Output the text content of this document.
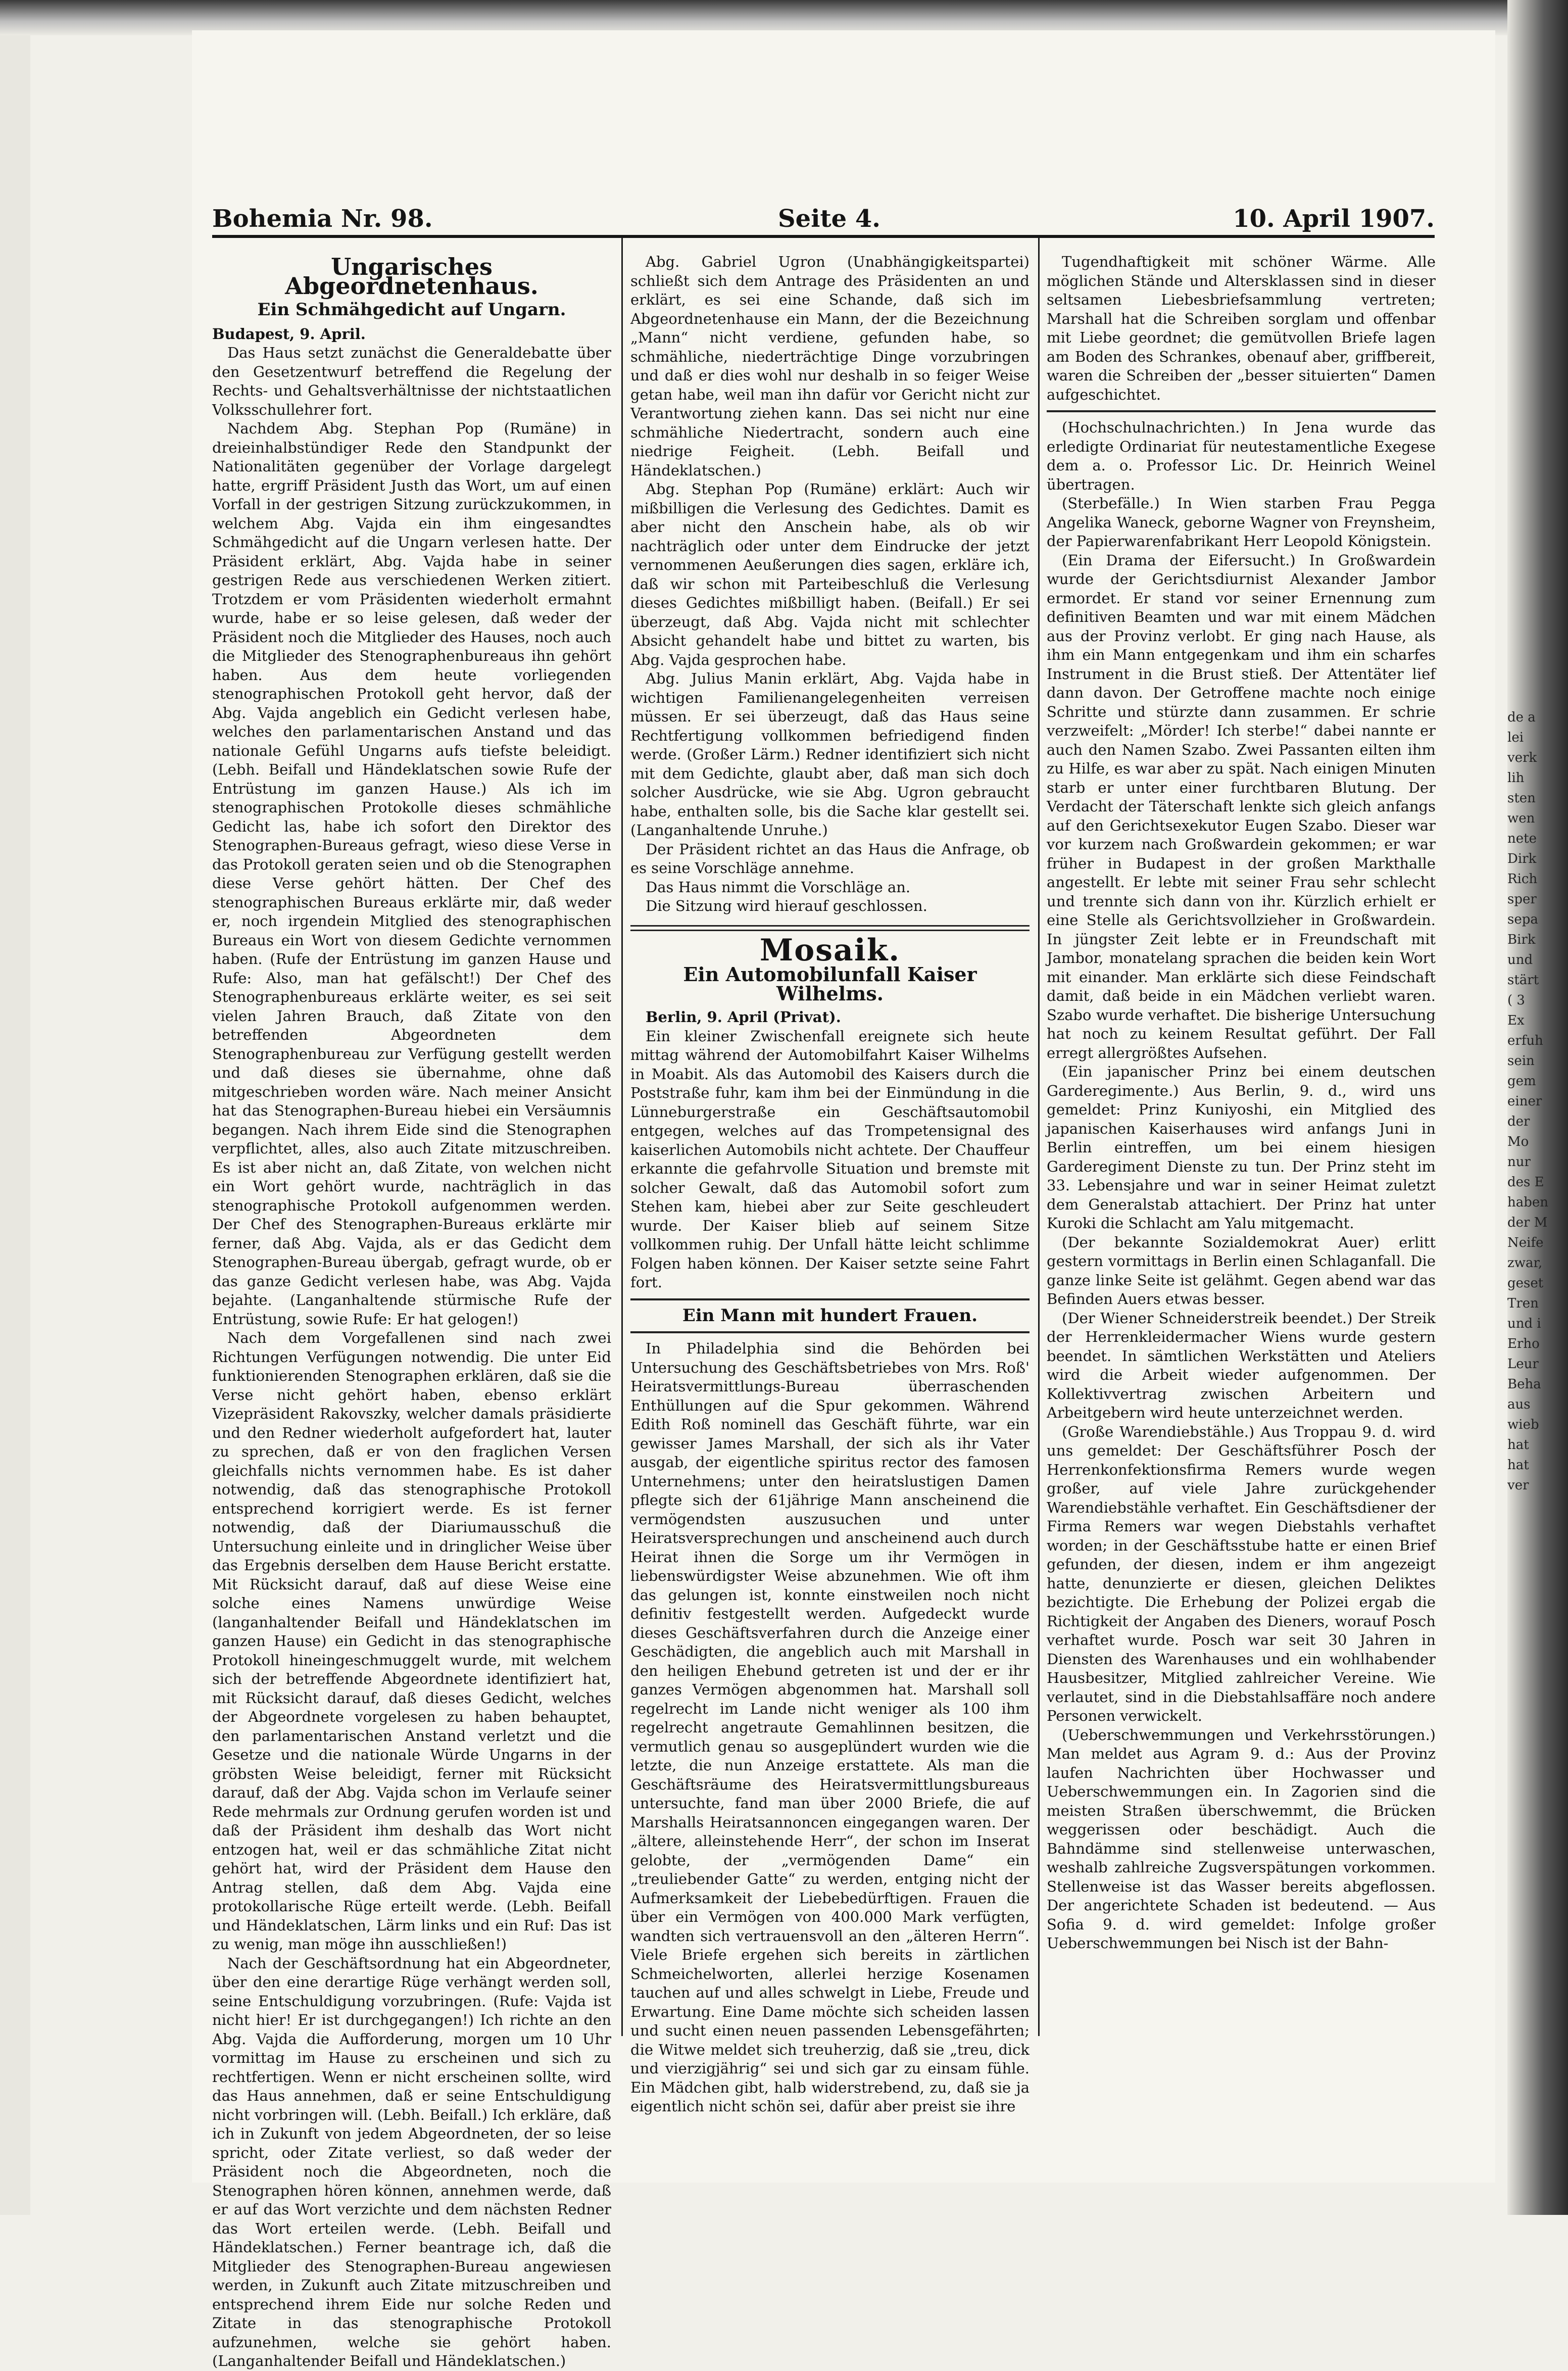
Bohemia Nr. 98.	Seite 4.	10. April 1907.
Ungarisches Abgeordnetenhaus.
Ein Schmähgedicht auf Ungarn.

Budapest, 9. April.

Das Haus setzt zunächst die Generaldebatte über den Gesetzentwurf betreffend die Regelung der Rechts- und Gehaltsverhältnisse der nichtstaatlichen Volksschullehrer fort.

Nachdem Abg. Stephan Pop (Rumäne) in dreieinhalbstündiger Rede den Standpunkt der Nationalitäten gegenüber der Vorlage dargelegt hatte, ergriff Präsident Justh das Wort, um auf einen Vorfall in der gestrigen Sitzung zurückzukommen, in welchem Abg. Vajda ein ihm eingesandtes Schmähgedicht auf die Ungarn verlesen hatte. Der Präsident erklärt, Abg. Vajda habe in seiner gestrigen Rede aus verschiedenen Werken zitiert. Trotzdem er vom Präsidenten wiederholt ermahnt wurde, habe er so leise gelesen, daß weder der Präsident noch die Mitglieder des Hauses, noch auch die Mitglieder des Stenographenbureaus ihn gehört haben. Aus dem heute vorliegenden stenographischen Protokoll geht hervor, daß der Abg. Vajda angeblich ein Gedicht verlesen habe, welches den parlamentarischen Anstand und das nationale Gefühl Ungarns aufs tiefste beleidigt. (Lebh. Beifall und Händeklatschen sowie Rufe der Entrüstung im ganzen Hause.) Als ich im stenographischen Protokolle dieses schmähliche Gedicht las, habe ich sofort den Direktor des Stenographen-Bureaus gefragt, wieso diese Verse in das Protokoll geraten seien und ob die Stenographen diese Verse gehört hätten. Der Chef des stenographischen Bureaus erklärte mir, daß weder er, noch irgendein Mitglied des stenographischen Bureaus ein Wort von diesem Gedichte vernommen haben. (Rufe der Entrüstung im ganzen Hause und Rufe: Also, man hat gefälscht!) Der Chef des Stenographenbureaus erklärte weiter, es sei seit vielen Jahren Brauch, daß Zitate von den betreffenden Abgeordneten dem Stenographenbureau zur Verfügung gestellt werden und daß dieses sie übernahme, ohne daß mitgeschrieben worden wäre. Nach meiner Ansicht hat das Stenographen-Bureau hiebei ein Versäumnis begangen. Nach ihrem Eide sind die Stenographen verpflichtet, alles, also auch Zitate mitzuschreiben. Es ist aber nicht an, daß Zitate, von welchen nicht ein Wort gehört wurde, nachträglich in das stenographische Protokoll aufgenommen werden. Der Chef des Stenographen-Bureaus erklärte mir ferner, daß Abg. Vajda, als er das Gedicht dem Stenographen-Bureau übergab, gefragt wurde, ob er das ganze Gedicht verlesen habe, was Abg. Vajda bejahte. (Langanhaltende stürmische Rufe der Entrüstung, sowie Rufe: Er hat gelogen!)

Nach dem Vorgefallenen sind nach zwei Richtungen Verfügungen notwendig. Die unter Eid funktionierenden Stenographen erklären, daß sie die Verse nicht gehört haben, ebenso erklärt Vizepräsident Rakovszky, welcher damals präsidierte und den Redner wiederholt aufgefordert hat, lauter zu sprechen, daß er von den fraglichen Versen gleichfalls nichts vernommen habe. Es ist daher notwendig, daß das stenographische Protokoll entsprechend korrigiert werde. Es ist ferner notwendig, daß der Diariumausschuß die Untersuchung einleite und in dringlicher Weise über das Ergebnis derselben dem Hause Bericht erstatte. Mit Rücksicht darauf, daß auf diese Weise eine solche eines Namens unwürdige Weise (langanhaltender Beifall und Händeklatschen im ganzen Hause) ein Gedicht in das stenographische Protokoll hineingeschmuggelt wurde, mit welchem sich der betreffende Abgeordnete identifiziert hat, mit Rücksicht darauf, daß dieses Gedicht, welches der Abgeordnete vorgelesen zu haben behauptet, den parlamentarischen Anstand verletzt und die Gesetze und die nationale Würde Ungarns in der gröbsten Weise beleidigt, ferner mit Rücksicht darauf, daß der Abg. Vajda schon im Verlaufe seiner Rede mehrmals zur Ordnung gerufen worden ist und daß der Präsident ihm deshalb das Wort nicht entzogen hat, weil er das schmähliche Zitat nicht gehört hat, wird der Präsident dem Hause den Antrag stellen, daß dem Abg. Vajda eine protokollarische Rüge erteilt werde. (Lebh. Beifall und Händeklatschen, Lärm links und ein Ruf: Das ist zu wenig, man möge ihn ausschließen!)

Nach der Geschäftsordnung hat ein Abgeordneter, über den eine derartige Rüge verhängt werden soll, seine Entschuldigung vorzubringen. (Rufe: Vajda ist nicht hier! Er ist durchgegangen!) Ich richte an den Abg. Vajda die Aufforderung, morgen um 10 Uhr vormittag im Hause zu erscheinen und sich zu rechtfertigen. Wenn er nicht erscheinen sollte, wird das Haus annehmen, daß er seine Entschuldigung nicht vorbringen will. (Lebh. Beifall.) Ich erkläre, daß ich in Zukunft von jedem Abgeordneten, der so leise spricht, oder Zitate verliest, so daß weder der Präsident noch die Abgeordneten, noch die Stenographen hören können, annehmen werde, daß er auf das Wort verzichte und dem nächsten Redner das Wort erteilen werde. (Lebh. Beifall und Händeklatschen.) Ferner beantrage ich, daß die Mitglieder des Stenographen-Bureau angewiesen werden, in Zukunft auch Zitate mitzuschreiben und entsprechend ihrem Eide nur solche Reden und Zitate in das stenographische Protokoll aufzunehmen, welche sie gehört haben. (Langanhaltender Beifall und Händeklatschen.)

Abg. Gabriel Ugron (Unabhängigkeitspartei) schließt sich dem Antrage des Präsidenten an und erklärt, es sei eine Schande, daß sich im Abgeordnetenhause ein Mann, der die Bezeichnung „Mann“ nicht verdiene, gefunden habe, so schmähliche, niederträchtige Dinge vorzubringen und daß er dies wohl nur deshalb in so feiger Weise getan habe, weil man ihn dafür vor Gericht nicht zur Verantwortung ziehen kann. Das sei nicht nur eine schmähliche Niedertracht, sondern auch eine niedrige Feigheit. (Lebh. Beifall und Händeklatschen.)

Abg. Stephan Pop (Rumäne) erklärt: Auch wir mißbilligen die Verlesung des Gedichtes. Damit es aber nicht den Anschein habe, als ob wir nachträglich oder unter dem Eindrucke der jetzt vernommenen Aeußerungen dies sagen, erkläre ich, daß wir schon mit Parteibeschluß die Verlesung dieses Gedichtes mißbilligt haben. (Beifall.) Er sei überzeugt, daß Abg. Vajda nicht mit schlechter Absicht gehandelt habe und bittet zu warten, bis Abg. Vajda gesprochen habe.

Abg. Julius Manin erklärt, Abg. Vajda habe in wichtigen Familienangelegenheiten verreisen müssen. Er sei überzeugt, daß das Haus seine Rechtfertigung vollkommen befriedigend finden werde. (Großer Lärm.) Redner identifiziert sich nicht mit dem Gedichte, glaubt aber, daß man sich doch solcher Ausdrücke, wie sie Abg. Ugron gebraucht habe, enthalten solle, bis die Sache klar gestellt sei. (Langanhaltende Unruhe.)

Der Präsident richtet an das Haus die Anfrage, ob es seine Vorschläge annehme.

Das Haus nimmt die Vorschläge an.

Die Sitzung wird hierauf geschlossen.

Mosaik.
Ein Automobilunfall Kaiser Wilhelms.

Berlin, 9. April (Privat).

Ein kleiner Zwischenfall ereignete sich heute mittag während der Automobilfahrt Kaiser Wilhelms in Moabit. Als das Automobil des Kaisers durch die Poststraße fuhr, kam ihm bei der Einmündung in die Lünneburgerstraße ein Geschäftsautomobil entgegen, welches auf das Trompetensignal des kaiserlichen Automobils nicht achtete. Der Chauffeur erkannte die gefahrvolle Situation und bremste mit solcher Gewalt, daß das Automobil sofort zum Stehen kam, hiebei aber zur Seite geschleudert wurde. Der Kaiser blieb auf seinem Sitze vollkommen ruhig. Der Unfall hätte leicht schlimme Folgen haben können. Der Kaiser setzte seine Fahrt fort.

Ein Mann mit hundert Frauen.

In Philadelphia sind die Behörden bei Untersuchung des Geschäftsbetriebes von Mrs. Roß' Heiratsvermittlungs-Bureau überraschenden Enthüllungen auf die Spur gekommen. Während Edith Roß nominell das Geschäft führte, war ein gewisser James Marshall, der sich als ihr Vater ausgab, der eigentliche spiritus rector des famosen Unternehmens; unter den heiratslustigen Damen pflegte sich der 61jährige Mann anscheinend die vermögendsten auszusuchen und unter Heiratsversprechungen und anscheinend auch durch Heirat ihnen die Sorge um ihr Vermögen in liebenswürdigster Weise abzunehmen. Wie oft ihm das gelungen ist, konnte einstweilen noch nicht definitiv festgestellt werden. Aufgedeckt wurde dieses Geschäftsverfahren durch die Anzeige einer Geschädigten, die angeblich auch mit Marshall in den heiligen Ehebund getreten ist und der er ihr ganzes Vermögen abgenommen hat. Marshall soll regelrecht im Lande nicht weniger als 100 ihm regelrecht angetraute Gemahlinnen besitzen, die vermutlich genau so ausgeplündert wurden wie die letzte, die nun Anzeige erstattete. Als man die Geschäftsräume des Heiratsvermittlungsbureaus untersuchte, fand man über 2000 Briefe, die auf Marshalls Heiratsannoncen eingegangen waren. Der „ältere, alleinstehende Herr“, der schon im Inserat gelobte, der „vermögenden Dame“ ein „treuliebender Gatte“ zu werden, entging nicht der Aufmerksamkeit der Liebebedürftigen. Frauen die über ein Vermögen von 400.000 Mark verfügten, wandten sich vertrauensvoll an den „älteren Herrn“. Viele Briefe ergehen sich bereits in zärtlichen Schmeichelworten, allerlei herzige Kosenamen tauchen auf und alles schwelgt in Liebe, Freude und Erwartung. Eine Dame möchte sich scheiden lassen und sucht einen neuen passenden Lebensgefährten; die Witwe meldet sich treuherzig, daß sie „treu, dick und vierzigjährig“ sei und sich gar zu einsam fühle. Ein Mädchen gibt, halb widerstrebend, zu, daß sie ja eigentlich nicht schön sei, dafür aber preist sie ihre

Tugendhaftigkeit mit schöner Wärme. Alle möglichen Stände und Altersklassen sind in dieser seltsamen Liebesbriefsammlung vertreten; Marshall hat die Schreiben sorglam und offenbar mit Liebe geordnet; die gemütvollen Briefe lagen am Boden des Schrankes, obenauf aber, griffbereit, waren die Schreiben der „besser situierten“ Damen aufgeschichtet.

(Hochschulnachrichten.) In Jena wurde das erledigte Ordinariat für neutestamentliche Exegese dem a. o. Professor Lic. Dr. Heinrich Weinel übertragen.

(Sterbefälle.) In Wien starben Frau Pegga Angelika Waneck, geborne Wagner von Freynsheim, der Papierwarenfabrikant Herr Leopold Königstein.

(Ein Drama der Eifersucht.) In Großwardein wurde der Gerichtsdiurnist Alexander Jambor ermordet. Er stand vor seiner Ernennung zum definitiven Beamten und war mit einem Mädchen aus der Provinz verlobt. Er ging nach Hause, als ihm ein Mann entgegenkam und ihm ein scharfes Instrument in die Brust stieß. Der Attentäter lief dann davon. Der Getroffene machte noch einige Schritte und stürzte dann zusammen. Er schrie verzweifelt: „Mörder! Ich sterbe!“ dabei nannte er auch den Namen Szabo. Zwei Passanten eilten ihm zu Hilfe, es war aber zu spät. Nach einigen Minuten starb er unter einer furchtbaren Blutung. Der Verdacht der Täterschaft lenkte sich gleich anfangs auf den Gerichtsexekutor Eugen Szabo. Dieser war vor kurzem nach Großwardein gekommen; er war früher in Budapest in der großen Markthalle angestellt. Er lebte mit seiner Frau sehr schlecht und trennte sich dann von ihr. Kürzlich erhielt er eine Stelle als Gerichtsvollzieher in Großwardein. In jüngster Zeit lebte er in Freundschaft mit Jambor, monatelang sprachen die beiden kein Wort mit einander. Man erklärte sich diese Feindschaft damit, daß beide in ein Mädchen verliebt waren. Szabo wurde verhaftet. Die bisherige Untersuchung hat noch zu keinem Resultat geführt. Der Fall erregt allergrößtes Aufsehen.

(Ein japanischer Prinz bei einem deutschen Garderegimente.) Aus Berlin, 9. d., wird uns gemeldet: Prinz Kuniyoshi, ein Mitglied des japanischen Kaiserhauses wird anfangs Juni in Berlin eintreffen, um bei einem hiesigen Garderegiment Dienste zu tun. Der Prinz steht im 33. Lebensjahre und war in seiner Heimat zuletzt dem Generalstab attachiert. Der Prinz hat unter Kuroki die Schlacht am Yalu mitgemacht.

(Der bekannte Sozialdemokrat Auer) erlitt gestern vormittags in Berlin einen Schlaganfall. Die ganze linke Seite ist gelähmt. Gegen abend war das Befinden Auers etwas besser.

(Der Wiener Schneiderstreik beendet.) Der Streik der Herrenkleidermacher Wiens wurde gestern beendet. In sämtlichen Werkstätten und Ateliers wird die Arbeit wieder aufgenommen. Der Kollektivvertrag zwischen Arbeitern und Arbeitgebern wird heute unterzeichnet werden.

(Große Warendiebstähle.) Aus Troppau 9. d. wird uns gemeldet: Der Geschäftsführer Posch der Herrenkonfektionsfirma Remers wurde wegen großer, auf viele Jahre zurückgehender Warendiebstähle verhaftet. Ein Geschäftsdiener der Firma Remers war wegen Diebstahls verhaftet worden; in der Geschäftsstube hatte er einen Brief gefunden, der diesen, indem er ihm angezeigt hatte, denunzierte er diesen, gleichen Deliktes bezichtigte. Die Erhebung der Polizei ergab die Richtigkeit der Angaben des Dieners, worauf Posch verhaftet wurde. Posch war seit 30 Jahren in Diensten des Warenhauses und ein wohlhabender Hausbesitzer, Mitglied zahlreicher Vereine. Wie verlautet, sind in die Diebstahlsaffäre noch andere Personen verwickelt.

(Ueberschwemmungen und Verkehrsstörungen.) Man meldet aus Agram 9. d.: Aus der Provinz laufen Nachrichten über Hochwasser und Ueberschwemmungen ein. In Zagorien sind die meisten Straßen überschwemmt, die Brücken weggerissen oder beschädigt. Auch die Bahndämme sind stellenweise unterwaschen, weshalb zahlreiche Zugsverspätungen vorkommen. Stellenweise ist das Wasser bereits abgeflossen. Der angerichtete Schaden ist bedeutend. — Aus Sofia 9. d. wird gemeldet: Infolge großer Ueberschwemmungen bei Nisch ist der Bahn-

de a
lei
verk
lih
sten
wen
nete
Dirk
Rich
sper
sepa
Birk
und
stärt
( 3
Ex
erfuh
sein
gem
einer
der
Mo
nur
des E
haben
der M
Neife
zwar,
geset
Tren
und i
Erho
Leur
Beha
aus
wieb
hat
hat
ver
